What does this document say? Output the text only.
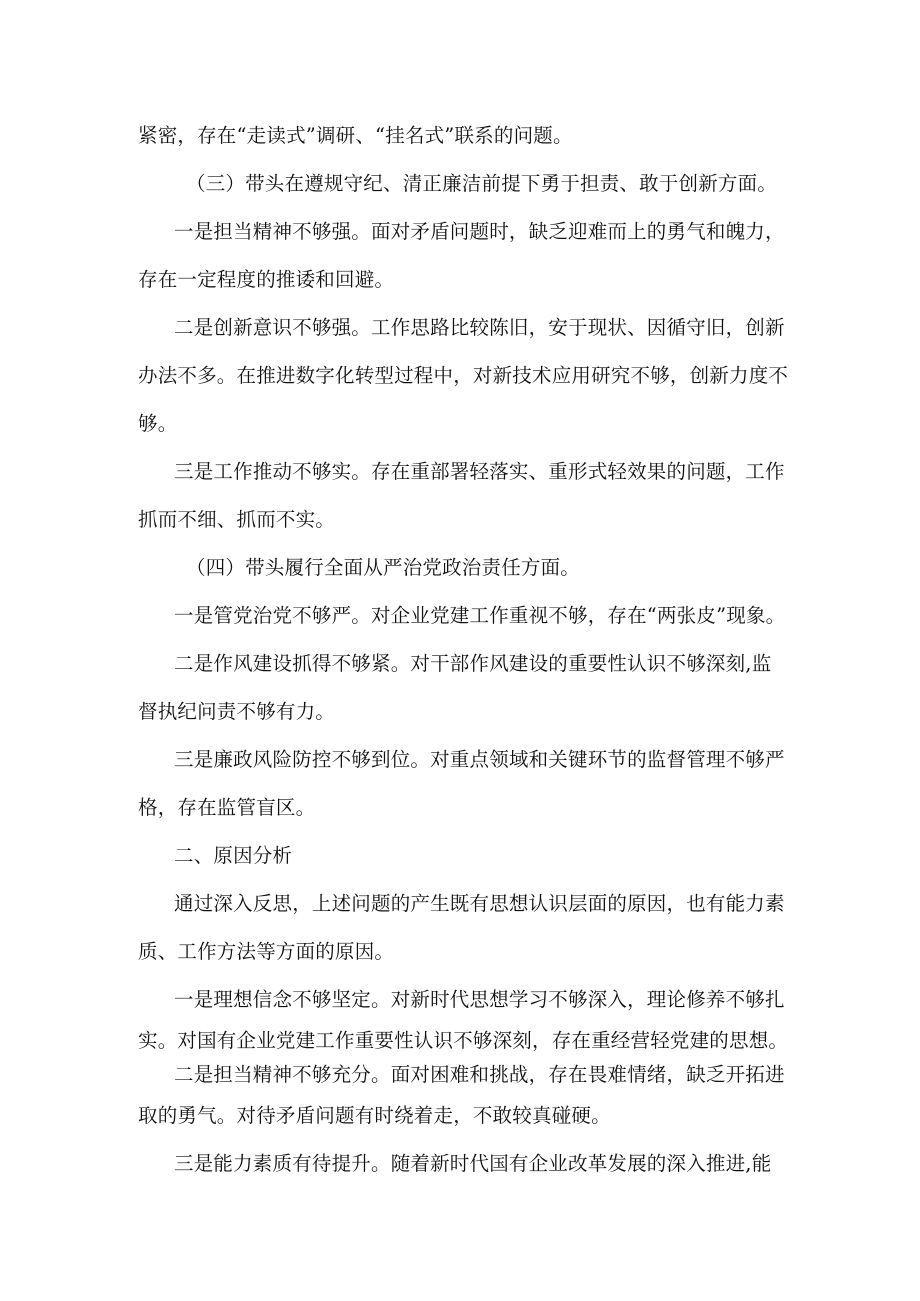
紧密，存在“走读式”调研、“挂名式”联系的问题。
（三）带头在遵规守纪、清正廉洁前提下勇于担责、敢于创新方面。
一是担当精神不够强。面对矛盾问题时，缺乏迎难而上的勇气和魄力，
存在一定程度的推诿和回避。
二是创新意识不够强。工作思路比较陈旧，安于现状、因循守旧，创新
办法不多。在推进数字化转型过程中，对新技术应用研究不够，创新力度不
够。
三是工作推动不够实。存在重部署轻落实、重形式轻效果的问题，工作
抓而不细、抓而不实。
（四）带头履行全面从严治党政治责任方面。
一是管党治党不够严。对企业党建工作重视不够，存在“两张皮”现象。
二是作风建设抓得不够紧。对干部作风建设的重要性认识不够深刻,监
督执纪问责不够有力。
三是廉政风险防控不够到位。对重点领域和关键环节的监督管理不够严
格，存在监管盲区。
二、原因分析
通过深入反思，上述问题的产生既有思想认识层面的原因，也有能力素
质、工作方法等方面的原因。
一是理想信念不够坚定。对新时代思想学习不够深入，理论修养不够扎
实。对国有企业党建工作重要性认识不够深刻，存在重经营轻党建的思想。
二是担当精神不够充分。面对困难和挑战，存在畏难情绪，缺乏开拓进
取的勇气。对待矛盾问题有时绕着走，不敢较真碰硬。
三是能力素质有待提升。随着新时代国有企业改革发展的深入推进,能
